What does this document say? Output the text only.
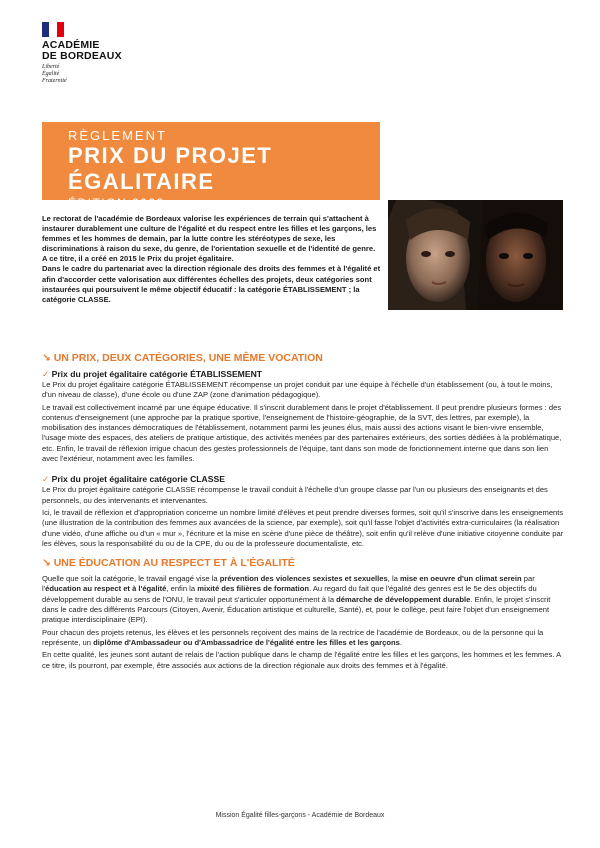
ACADÉMIE
DE BORDEAUX
Liberté
Égalité
Fraternité
RÈGLEMENT
PRIX DU PROJET ÉGALITAIRE
ÉDITION 2022

Le rectorat de l'académie de Bordeaux valorise les expériences de terrain qui s'attachent à instaurer durablement une culture de l'égalité et du respect entre les filles et les garçons, les femmes et les hommes de demain, par la lutte contre les stéréotypes de sexe, les discriminations à raison du sexe, du genre, de l'orientation sexuelle et de l'identité de genre. A ce titre, il a créé en 2015 le Prix du projet égalitaire.

Dans le cadre du partenariat avec la direction régionale des droits des femmes et à l'égalité et afin d'accorder cette valorisation aux différentes échelles des projets, deux catégories sont instaurées qui poursuivent le même objectif éducatif : la catégorie ÉTABLISSEMENT ; la catégorie CLASSE.

↘ UN PRIX, DEUX CATÉGORIES, UNE MÊME VOCATION
✓ Prix du projet égalitaire catégorie ÉTABLISSEMENT

Le Prix du projet égalitaire catégorie ÉTABLISSEMENT récompense un projet conduit par une équipe à l'échelle d'un établissement (ou, à tout le moins, d'un niveau de classe), d'une école ou d'une ZAP (zone d'animation pédagogique).

Le travail est collectivement incarné par une équipe éducative. Il s'inscrit durablement dans le projet d'établissement. Il peut prendre plusieurs formes : des contenus d'enseignement (une approche par la pratique sportive, l'enseignement de l'histoire-géographie, de la SVT, des lettres, par exemple), la mobilisation des instances démocratiques de l'établissement, notamment parmi les jeunes élus, mais aussi des actions visant le bien-vivre ensemble, l'usage mixte des espaces, des ateliers de pratique artistique, des activités menées par des partenaires extérieurs, des sorties dédiées à la problématique, etc. Enfin, le travail de réflexion irrigue chacun des gestes professionnels de l'équipe, tant dans son mode de fonctionnement interne que dans son lien avec l'extérieur, notamment avec les familles.

✓ Prix du projet égalitaire catégorie CLASSE

Le Prix du projet égalitaire catégorie CLASSE récompense le travail conduit à l'échelle d'un groupe classe par l'un ou plusieurs des enseignants et des personnels, ou des intervenants et intervenantes.

Ici, le travail de réflexion et d'appropriation concerne un nombre limité d'élèves et peut prendre diverses formes, soit qu'il s'inscrive dans les enseignements (une illustration de la contribution des femmes aux avancées de la science, par exemple), soit qu'il fasse l'objet d'activités extra-curriculaires (la réalisation d'une vidéo, d'une affiche ou d'un « mur », l'écriture et la mise en scène d'une pièce de théâtre), soit enfin qu'il relève d'une initiative citoyenne conduite par les élèves, sous la responsabilité du ou de la CPE, du ou de la professeure documentaliste, etc.

↘ UNE ÉDUCATION AU RESPECT ET À L'ÉGALITÉ

Quelle que soit la catégorie, le travail engagé vise la prévention des violences sexistes et sexuelles, la mise en oeuvre d'un climat serein par l'éducation au respect et à l'égalité, enfin la mixité des filières de formation. Au regard du fait que l'égalité des genres est le 5e des objectifs du développement durable au sens de l'ONU, le travail peut s'articuler opportunément à la démarche de développement durable. Enfin, le projet s'inscrit dans le cadre des différents Parcours (Citoyen, Avenir, Éducation artistique et culturelle, Santé), et, pour le collège, peut faire l'objet d'un enseignement pratique interdisciplinaire (EPI).

Pour chacun des projets retenus, les élèves et les personnels reçoivent des mains de la rectrice de l'académie de Bordeaux, ou de la personne qui la représente, un diplôme d'Ambassadeur ou d'Ambassadrice de l'égalité entre les filles et les garçons.

En cette qualité, les jeunes sont autant de relais de l'action publique dans le champ de l'égalité entre les filles et les garçons, les hommes et les femmes. A ce titre, ils pourront, par exemple, être associés aux actions de la direction régionale aux droits des femmes et à l'égalité.

Mission Égalité filles-garçons - Académie de Bordeaux
